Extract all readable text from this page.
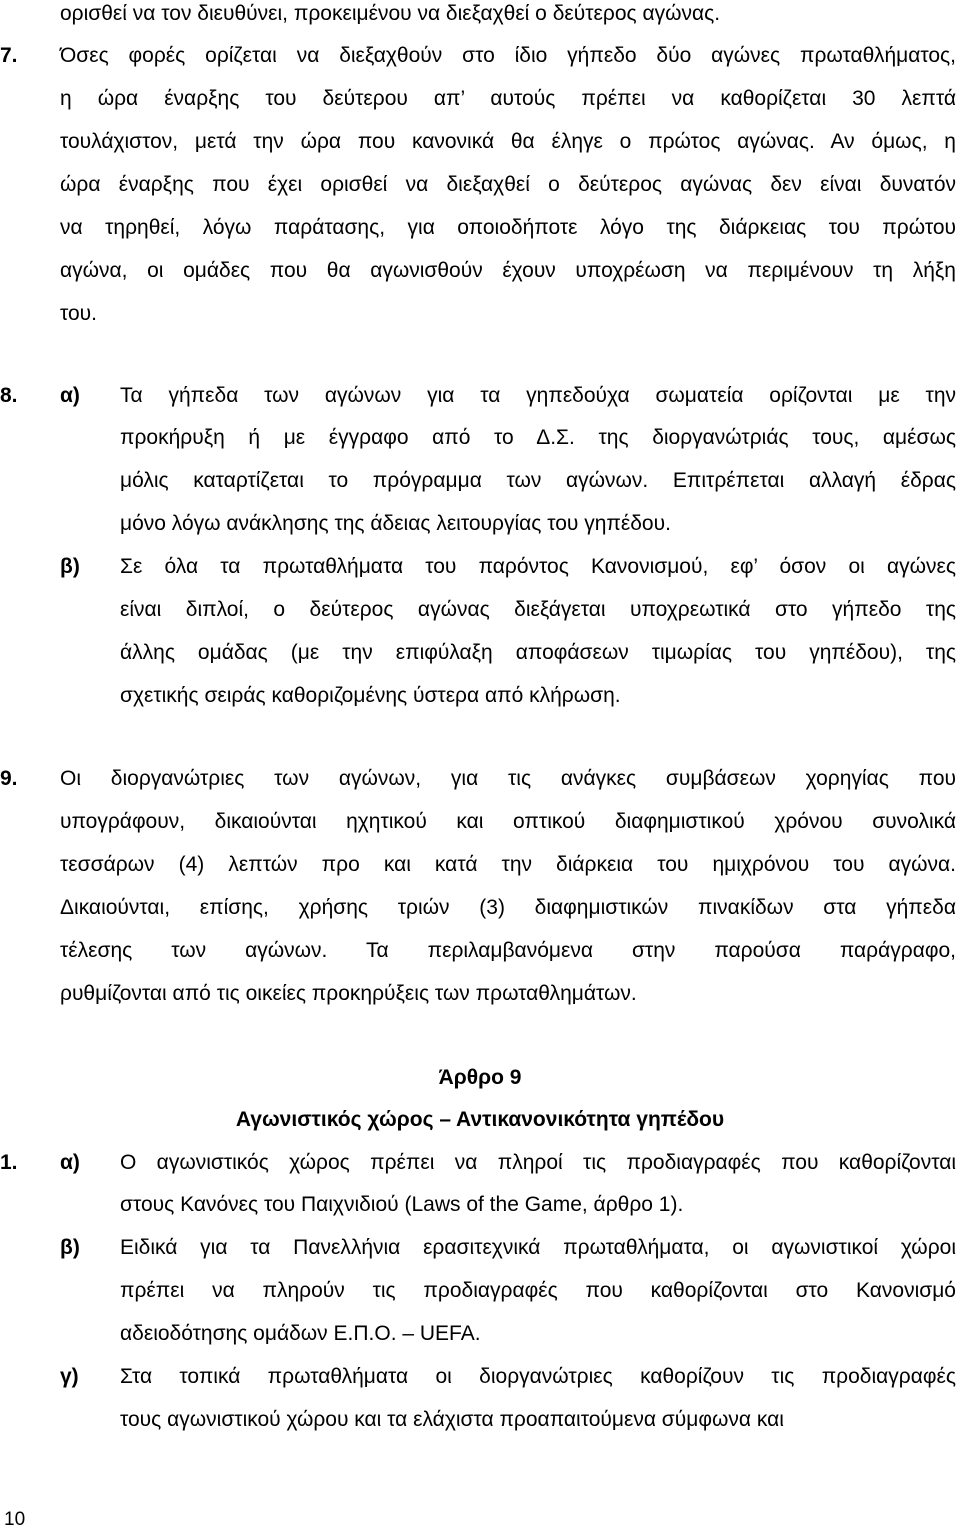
ορισθεί να τον διευθύνει, προκειμένου να διεξαχθεί ο δεύτερος αγώνας.
7. Όσες φορές ορίζεται να διεξαχθούν στο ίδιο γήπεδο δύο αγώνες πρωταθλήματος,
η ώρα έναρξης του δεύτερου απ’ αυτούς πρέπει να καθορίζεται 30 λεπτά
τουλάχιστον, μετά την ώρα που κανονικά θα έληγε ο πρώτος αγώνας. Αν όμως, η
ώρα έναρξης που έχει ορισθεί να διεξαχθεί ο δεύτερος αγώνας δεν είναι δυνατόν
να τηρηθεί, λόγω παράτασης, για οποιοδήποτε λόγο της διάρκειας του πρώτου
αγώνα, οι ομάδες που θα αγωνισθούν έχουν υποχρέωση να περιμένουν τη λήξη
του.
8. α) Τα γήπεδα των αγώνων για τα γηπεδούχα σωματεία ορίζονται με την
προκήρυξη ή με έγγραφο από το Δ.Σ. της διοργανώτριάς τους, αμέσως
μόλις καταρτίζεται το πρόγραμμα των αγώνων. Επιτρέπεται αλλαγή έδρας
μόνο λόγω ανάκλησης της άδειας λειτουργίας του γηπέδου.
β) Σε όλα τα πρωταθλήματα του παρόντος Κανονισμού, εφ’ όσον οι αγώνες
είναι διπλοί, ο δεύτερος αγώνας διεξάγεται υποχρεωτικά στο γήπεδο της
άλλης ομάδας (με την επιφύλαξη αποφάσεων τιμωρίας του γηπέδου), της
σχετικής σειράς καθοριζομένης ύστερα από κλήρωση.
9. Οι διοργανώτριες των αγώνων, για τις ανάγκες συμβάσεων χορηγίας που
υπογράφουν, δικαιούνται ηχητικού και οπτικού διαφημιστικού χρόνου συνολικά
τεσσάρων (4) λεπτών προ και κατά την διάρκεια του ημιχρόνου του αγώνα.
Δικαιούνται, επίσης, χρήσης τριών (3) διαφημιστικών πινακίδων στα γήπεδα
τέλεσης των αγώνων. Τα περιλαμβανόμενα στην παρούσα παράγραφο,
ρυθμίζονται από τις οικείες προκηρύξεις των πρωταθλημάτων.
Άρθρο 9
Αγωνιστικός χώρος – Αντικανονικότητα γηπέδου
1. α) Ο αγωνιστικός χώρος πρέπει να πληροί τις προδιαγραφές που καθορίζονται
στους Κανόνες του Παιχνιδιού (Laws of the Game, άρθρο 1).
β) Ειδικά για τα Πανελλήνια ερασιτεχνικά πρωταθλήματα, οι αγωνιστικοί χώροι
πρέπει να πληρούν τις προδιαγραφές που καθορίζονται στο Κανονισμό
αδειοδότησης ομάδων Ε.Π.Ο. – UEFA.
γ) Στα τοπικά πρωταθλήματα οι διοργανώτριες καθορίζουν τις προδιαγραφές
τους αγωνιστικού χώρου και τα ελάχιστα προαπαιτούμενα σύμφωνα και
10
